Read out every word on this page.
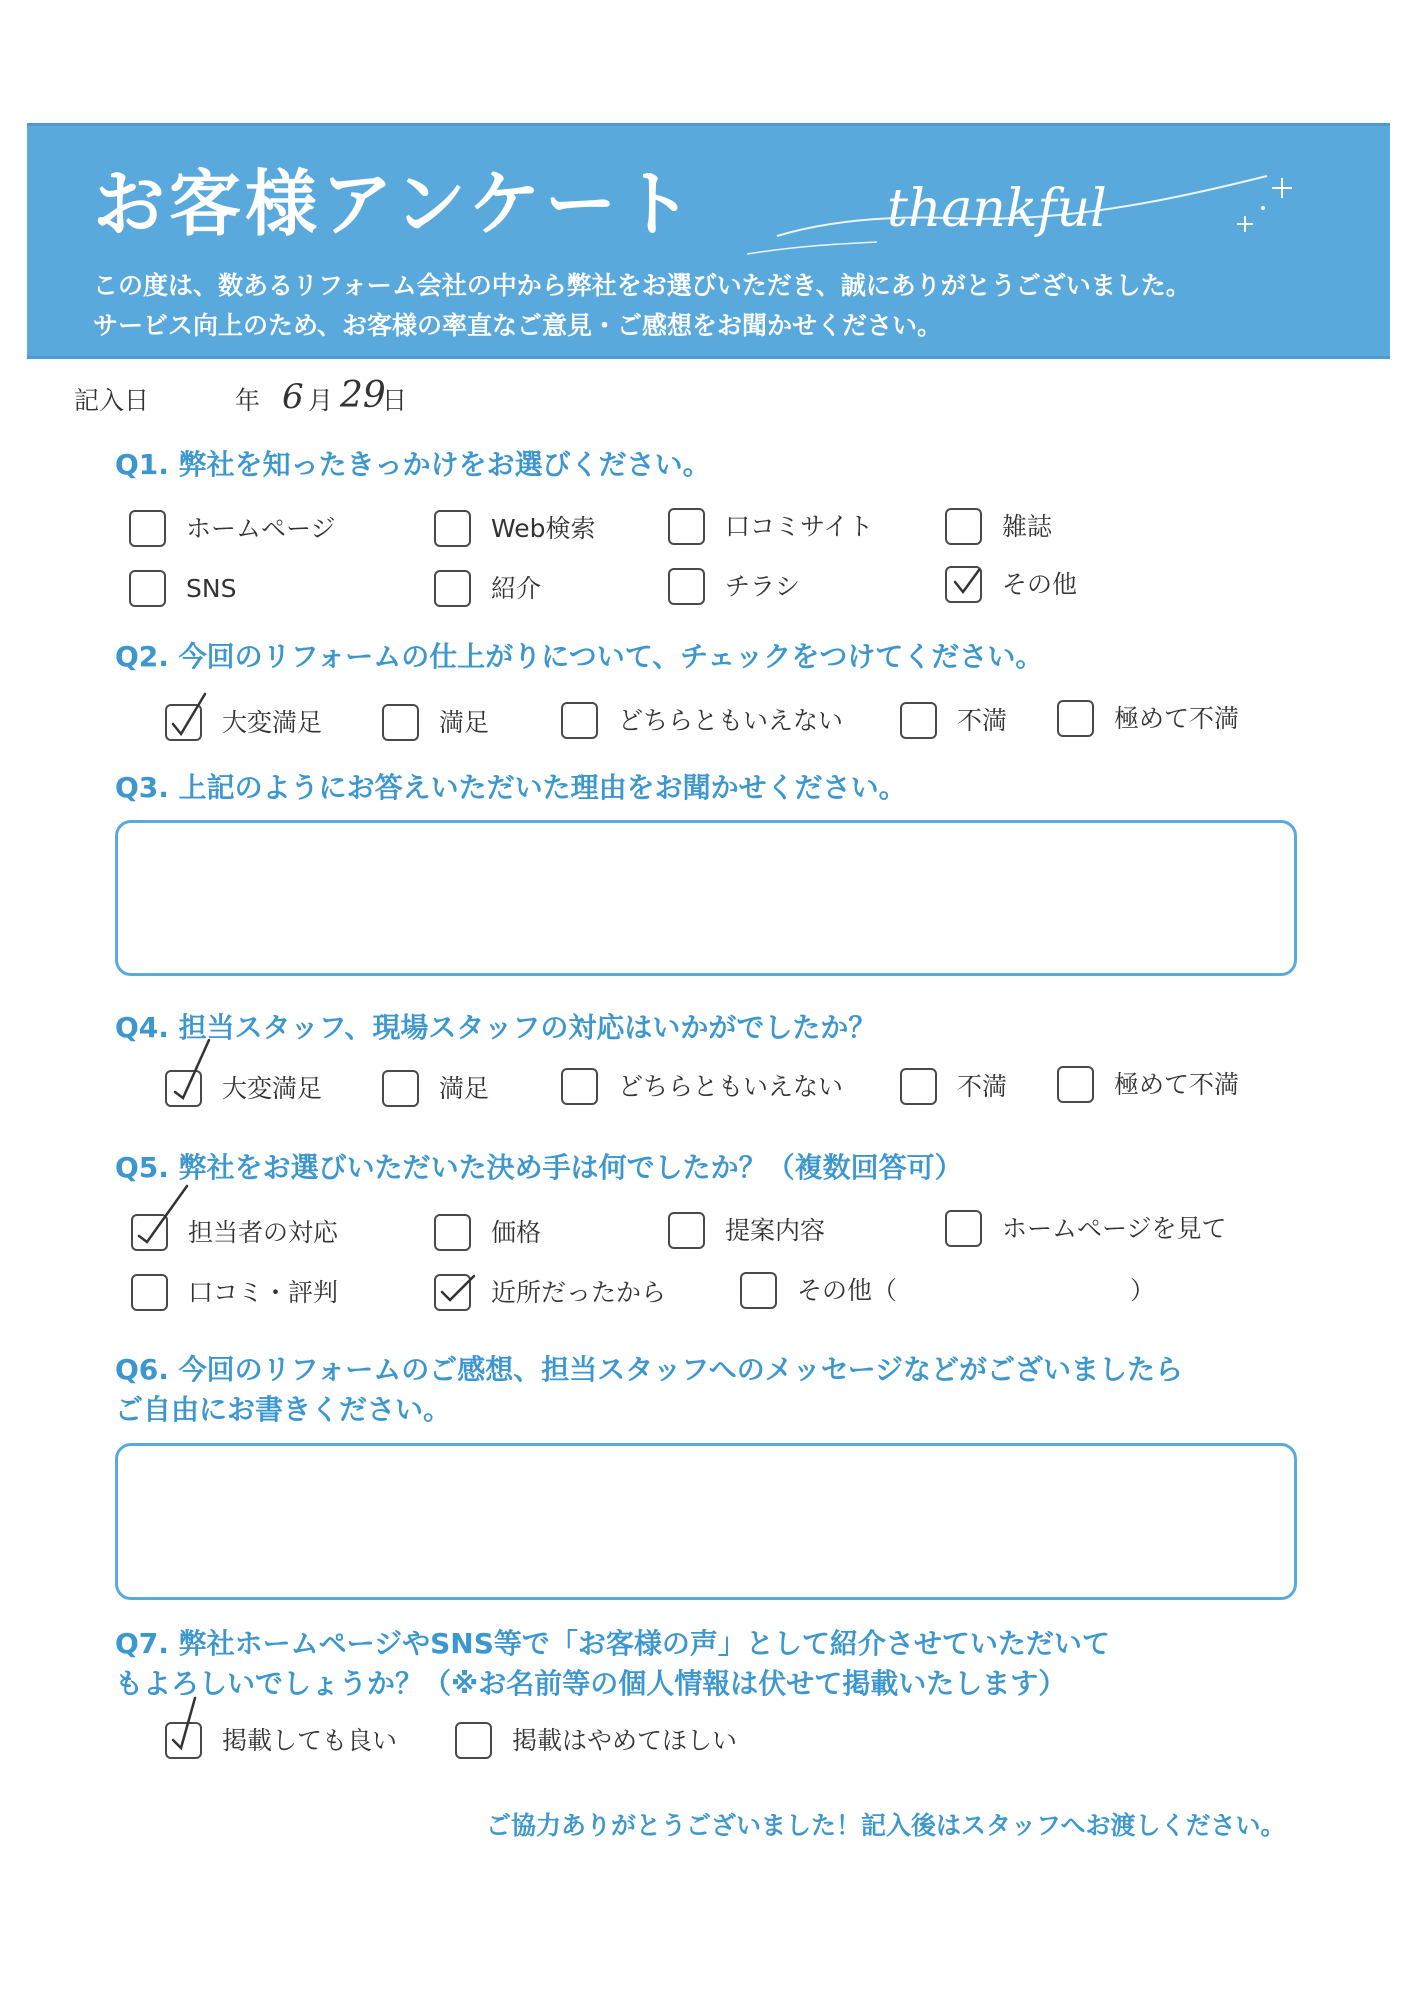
お客様アンケート	thankful
この度は、数あるリフォーム会社の中から弊社をお選びいただき、誠にありがとうございました。
サービス向上のため、お客様の率直なご意見・ご感想をお聞かせください。
記入日	年 6 月 29
日
Q1. 弊社を知ったきっかけをお選びください。
ホームページ	Web検索	口コミサイト	雑誌
SNS	紹介	チラシ	その他
Q2. 今回のリフォームの仕上がりについて、チェックをつけてください。
大変満足	満足	どちらともいえない	不満	極めて不満
Q3. 上記のようにお答えいただいた理由をお聞かせください。
Q4. 担当スタッフ、現場スタッフの対応はいかがでしたか？
大変満足	満足	どちらともいえない	不満	極めて不満
Q5. 弊社をお選びいただいた決め手は何でしたか？（複数回答可）
担当者の対応	価格	提案内容	ホームページを見て
口コミ・評判	近所だったから	その他（	）
Q6. 今回のリフォームのご感想、担当スタッフへのメッセージなどがございましたら
ご自由にお書きください。
Q7. 弊社ホームページやSNS等で「お客様の声」として紹介させていただいて
もよろしいでしょうか？（※お名前等の個人情報は伏せて掲載いたします）
掲載しても良い	掲載はやめてほしい
ご協力ありがとうございました！記入後はスタッフへお渡しください。
